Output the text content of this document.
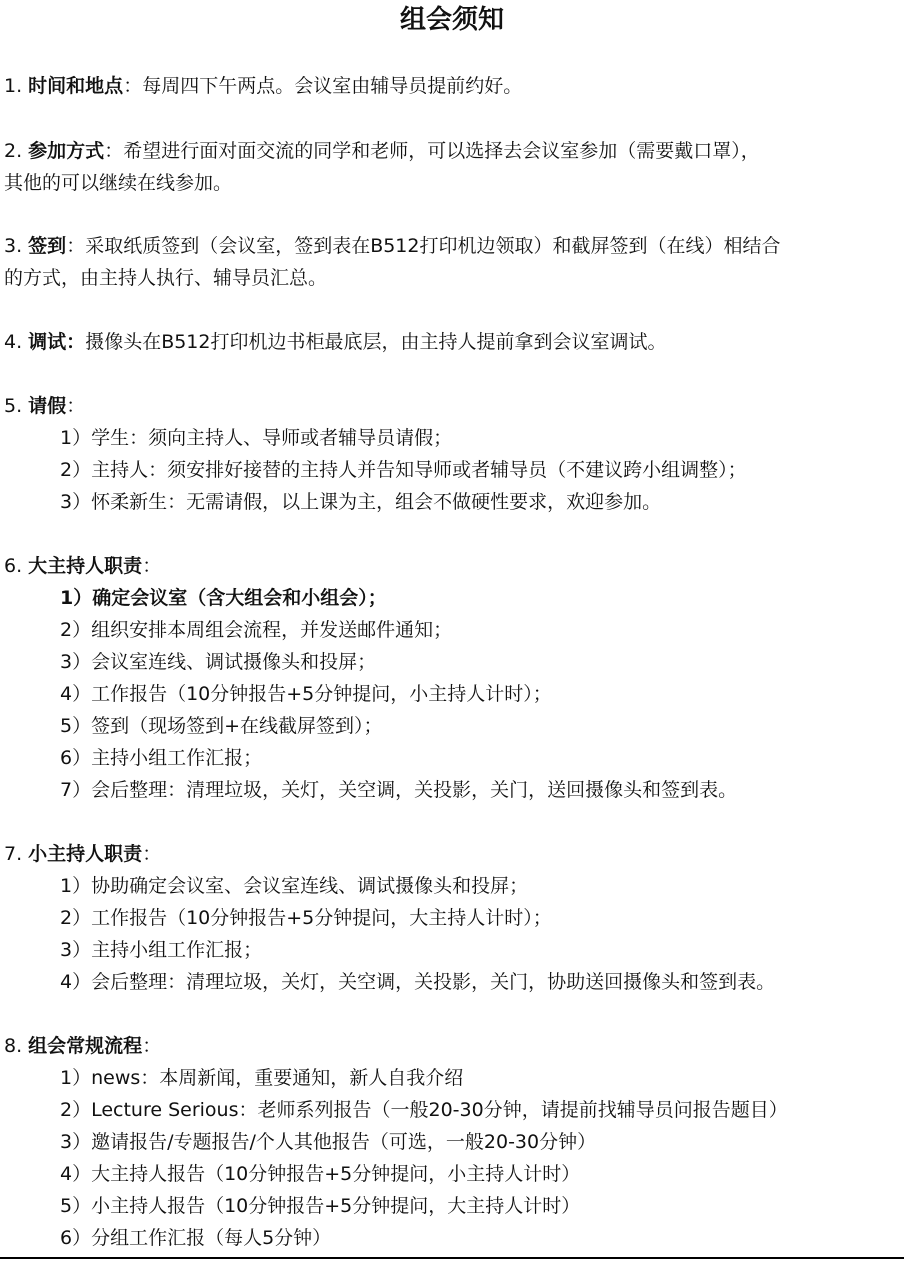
组会须知
1. 时间和地点：每周四下午两点。会议室由辅导员提前约好。
2. 参加方式：希望进行面对面交流的同学和老师，可以选择去会议室参加（需要戴口罩），
其他的可以继续在线参加。
3. 签到：采取纸质签到（会议室，签到表在B512打印机边领取）和截屏签到（在线）相结合
的方式，由主持人执行、辅导员汇总。
4. 调试：摄像头在B512打印机边书柜最底层，由主持人提前拿到会议室调试。
5. 请假：
1）学生：须向主持人、导师或者辅导员请假；
2）主持人：须安排好接替的主持人并告知导师或者辅导员（不建议跨小组调整）；
3）怀柔新生：无需请假，以上课为主，组会不做硬性要求，欢迎参加。
6. 大主持人职责：
1）确定会议室（含大组会和小组会）；
2）组织安排本周组会流程，并发送邮件通知；
3）会议室连线、调试摄像头和投屏；
4）工作报告（10分钟报告+5分钟提问，小主持人计时）；
5）签到（现场签到+在线截屏签到）；
6）主持小组工作汇报；
7）会后整理：清理垃圾，关灯，关空调，关投影，关门，送回摄像头和签到表。
7. 小主持人职责：
1）协助确定会议室、会议室连线、调试摄像头和投屏；
2）工作报告（10分钟报告+5分钟提问，大主持人计时）；
3）主持小组工作汇报；
4）会后整理：清理垃圾，关灯，关空调，关投影，关门，协助送回摄像头和签到表。
8. 组会常规流程：
1）news：本周新闻，重要通知，新人自我介绍
2）Lecture Serious：老师系列报告（一般20-30分钟，请提前找辅导员问报告题目）
3）邀请报告/专题报告/个人其他报告（可选，一般20-30分钟）
4）大主持人报告（10分钟报告+5分钟提问，小主持人计时）
5）小主持人报告（10分钟报告+5分钟提问，大主持人计时）
6）分组工作汇报（每人5分钟）
